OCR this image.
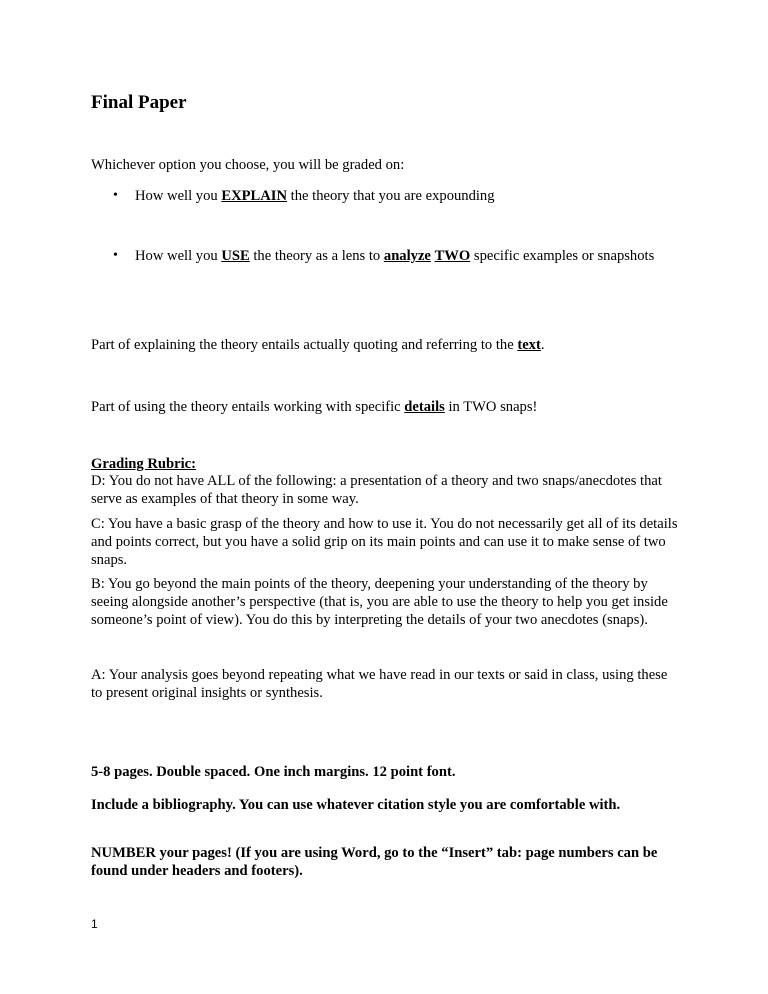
Final Paper
Whichever option you choose, you will be graded on:
• How well you EXPLAIN the theory that you are expounding
• How well you USE the theory as a lens to analyze TWO specific examples or snapshots
Part of explaining the theory entails actually quoting and referring to the text.
Part of using the theory entails working with specific details in TWO snaps!
Grading Rubric:
D: You do not have ALL of the following: a presentation of a theory and two snaps/anecdotes that serve as examples of that theory in some way.
C: You have a basic grasp of the theory and how to use it. You do not necessarily get all of its details and points correct, but you have a solid grip on its main points and can use it to make sense of two snaps.
B: You go beyond the main points of the theory, deepening your understanding of the theory by seeing alongside another’s perspective (that is, you are able to use the theory to help you get inside someone’s point of view). You do this by interpreting the details of your two anecdotes (snaps).
A: Your analysis goes beyond repeating what we have read in our texts or said in class, using these to present original insights or synthesis.
5-8 pages. Double spaced. One inch margins. 12 point font.
Include a bibliography. You can use whatever citation style you are comfortable with.
NUMBER your pages! (If you are using Word, go to the “Insert” tab: page numbers can be found under headers and footers).
1
